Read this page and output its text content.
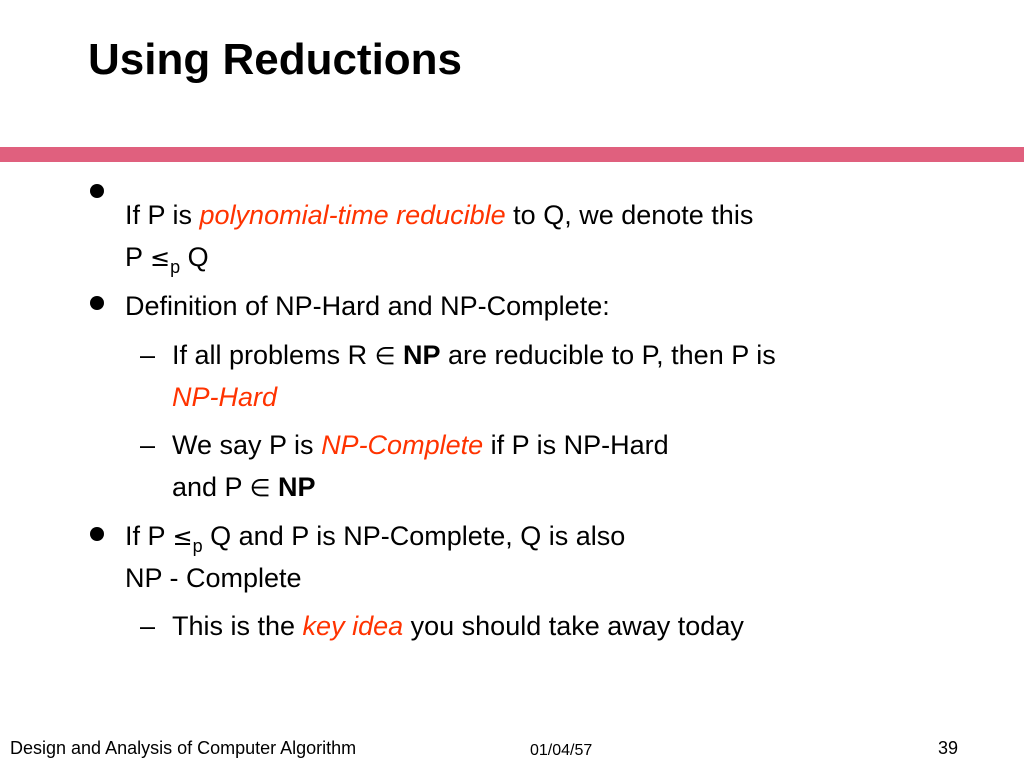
Using Reductions
If P is polynomial-time reducible to Q, we denote this
$P \le_p$ Q
Definition of NP-Hard and NP-Complete:
– If all problems R ∈ NP are reducible to P, then P is
NP-Hard
– We say P is NP-Complete if P is NP-Hard
and P ∈ NP
If $P \le_p$ Q and P is NP-Complete, Q is also
NP - Complete
– This is the key idea you should take away today
Design and Analysis of Computer Algorithm	01/04/57	39
